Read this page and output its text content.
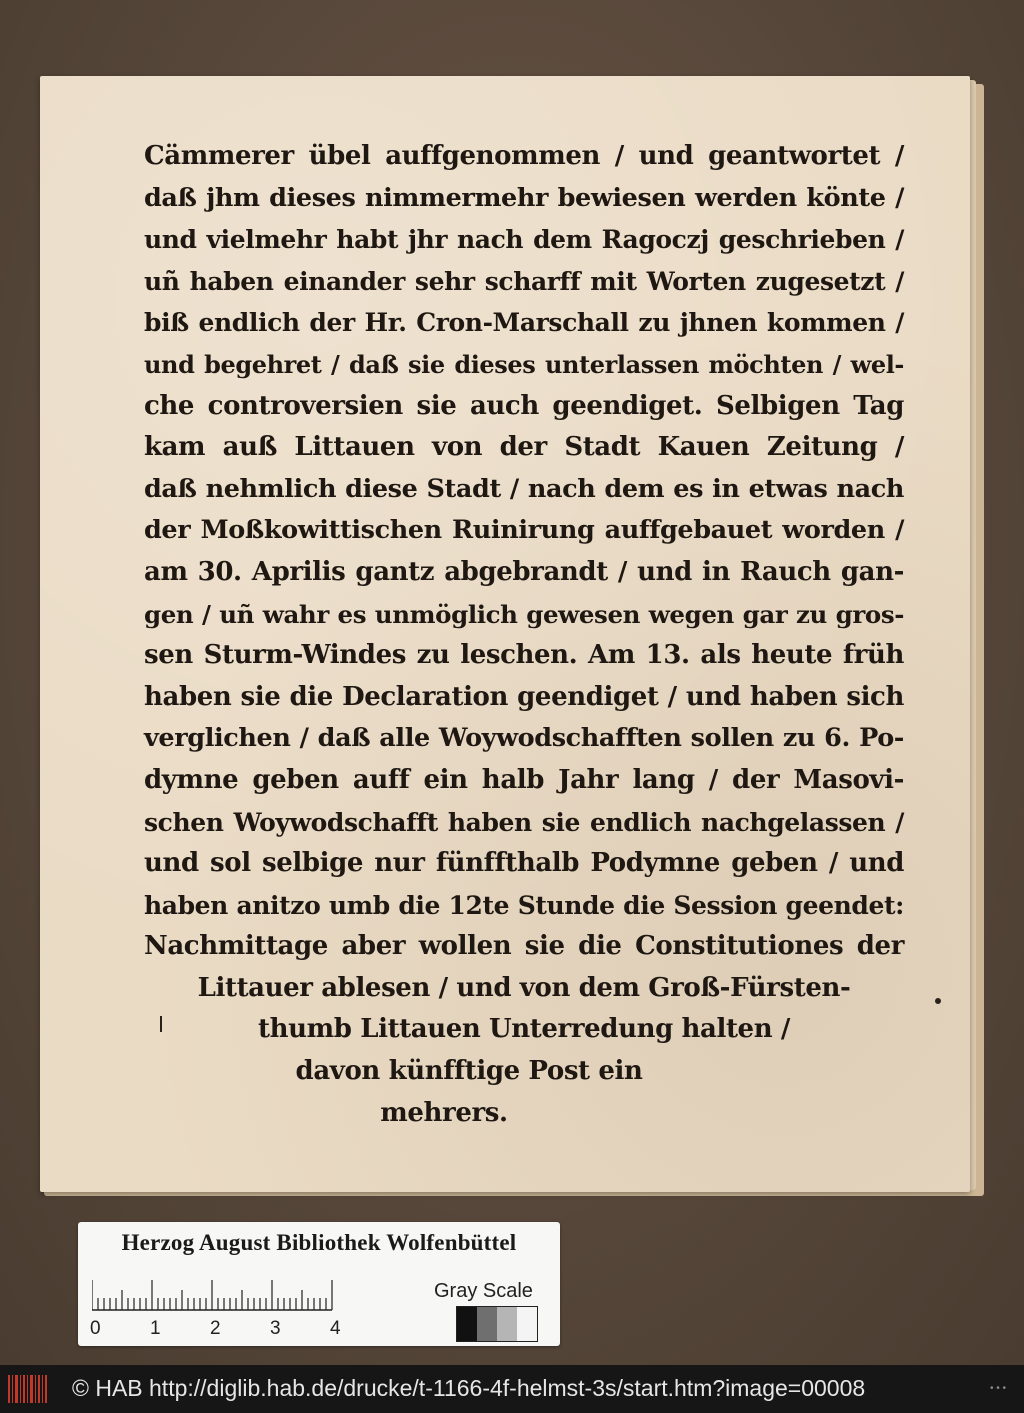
Cämmerer übel auffgenommen / und geantwortet /
daß jhm dieses nimmermehr bewiesen werden könte /
und vielmehr habt jhr nach dem Ragoczj geschrieben /
uñ haben einander sehr scharff mit Worten zugesetzt /
biß endlich der Hr. Cron-Marschall zu jhnen kommen /
und begehret / daß sie dieses unterlassen möchten / wel-
che controversien sie auch geendiget. Selbigen Tag
kam auß Littauen von der Stadt Kauen Zeitung /
daß nehmlich diese Stadt / nach dem es in etwas nach
der Moßkowittischen Ruinirung auffgebauet worden /
am 30. Aprilis gantz abgebrandt / und in Rauch gan-
gen / uñ wahr es unmöglich gewesen wegen gar zu gros-
sen Sturm-Windes zu leschen. Am 13. als heute früh
haben sie die Declaration geendiget / und haben sich
verglichen / daß alle Woywodschafften sollen zu 6. Po-
dymne geben auff ein halb Jahr lang / der Masovi-
schen Woywodschafft haben sie endlich nachgelassen /
und sol selbige nur fünffthalb Podymne geben / und
haben anitzo umb die 12te Stunde die Session geendet:
Nachmittage aber wollen sie die Constitutiones der
Littauer ablesen / und von dem Groß-Fürsten-
thumb Littauen Unterredung halten /
davon künfftige Post ein
mehrers.
Herzog August Bibliothek Wolfenbüttel
Gray Scale
0	1	2	3	4
© HAB http://diglib.hab.de/drucke/t-1166-4f-helmst-3s/start.htm?image=00008	• • •
